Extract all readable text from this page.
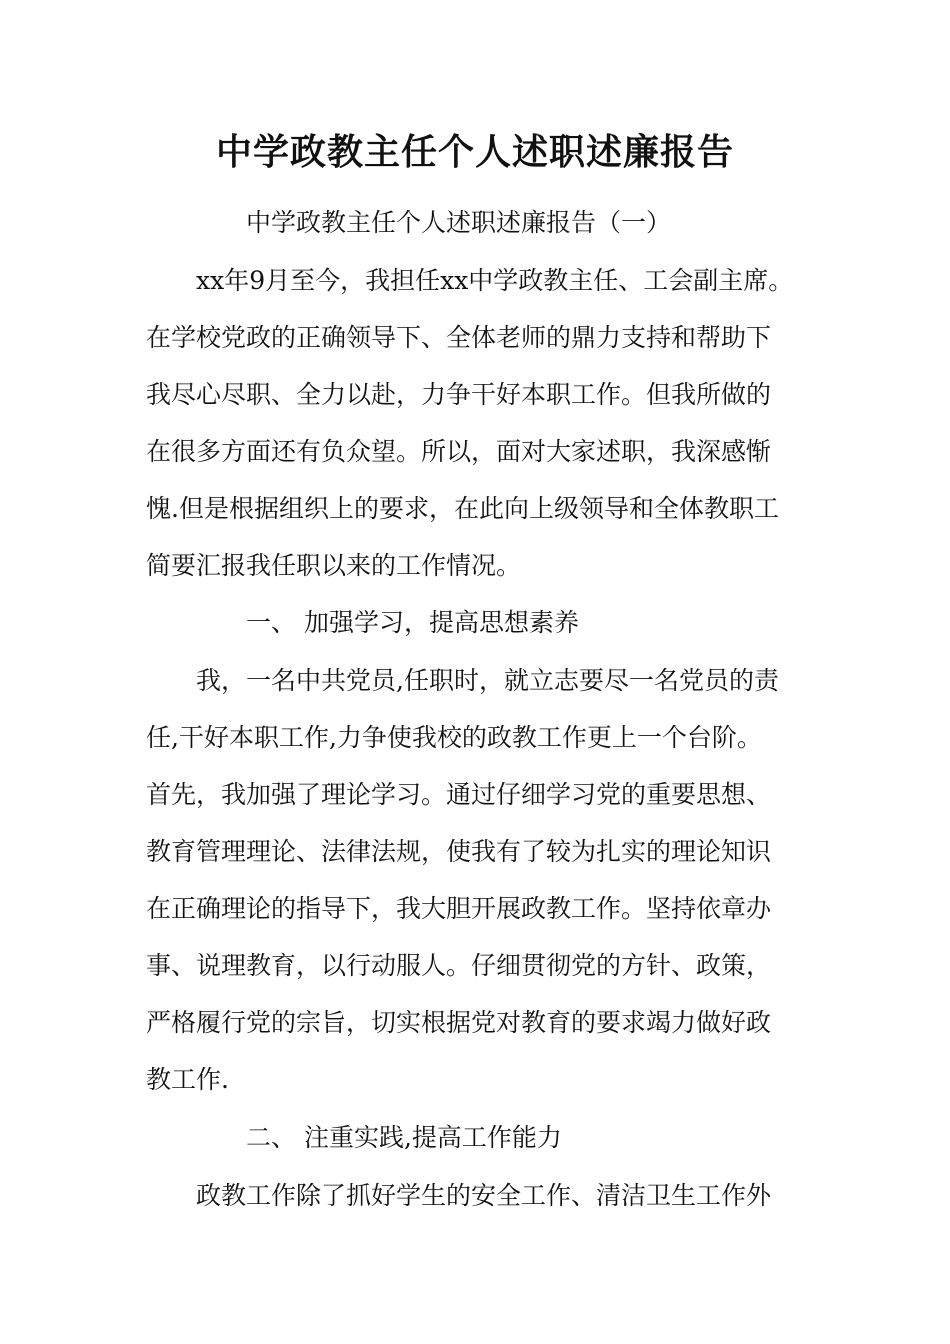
中学政教主任个人述职述廉报告
中学政教主任个人述职述廉报告（一）
xx年9月至今，我担任xx中学政教主任、工会副主席。
在学校党政的正确领导下、全体老师的鼎力支持和帮助下
我尽心尽职、全力以赴，力争干好本职工作。但我所做的
在很多方面还有负众望。所以，面对大家述职，我深感惭
愧.但是根据组织上的要求，在此向上级领导和全体教职工
简要汇报我任职以来的工作情况。
一、 加强学习，提高思想素养
我，一名中共党员,任职时，就立志要尽一名党员的责
任,干好本职工作,力争使我校的政教工作更上一个台阶。
首先，我加强了理论学习。通过仔细学习党的重要思想、
教育管理理论、法律法规，使我有了较为扎实的理论知识
在正确理论的指导下，我大胆开展政教工作。坚持依章办
事、说理教育，以行动服人。仔细贯彻党的方针、政策，
严格履行党的宗旨，切实根据党对教育的要求竭力做好政
教工作.
二、 注重实践,提高工作能力
政教工作除了抓好学生的安全工作、清洁卫生工作外
